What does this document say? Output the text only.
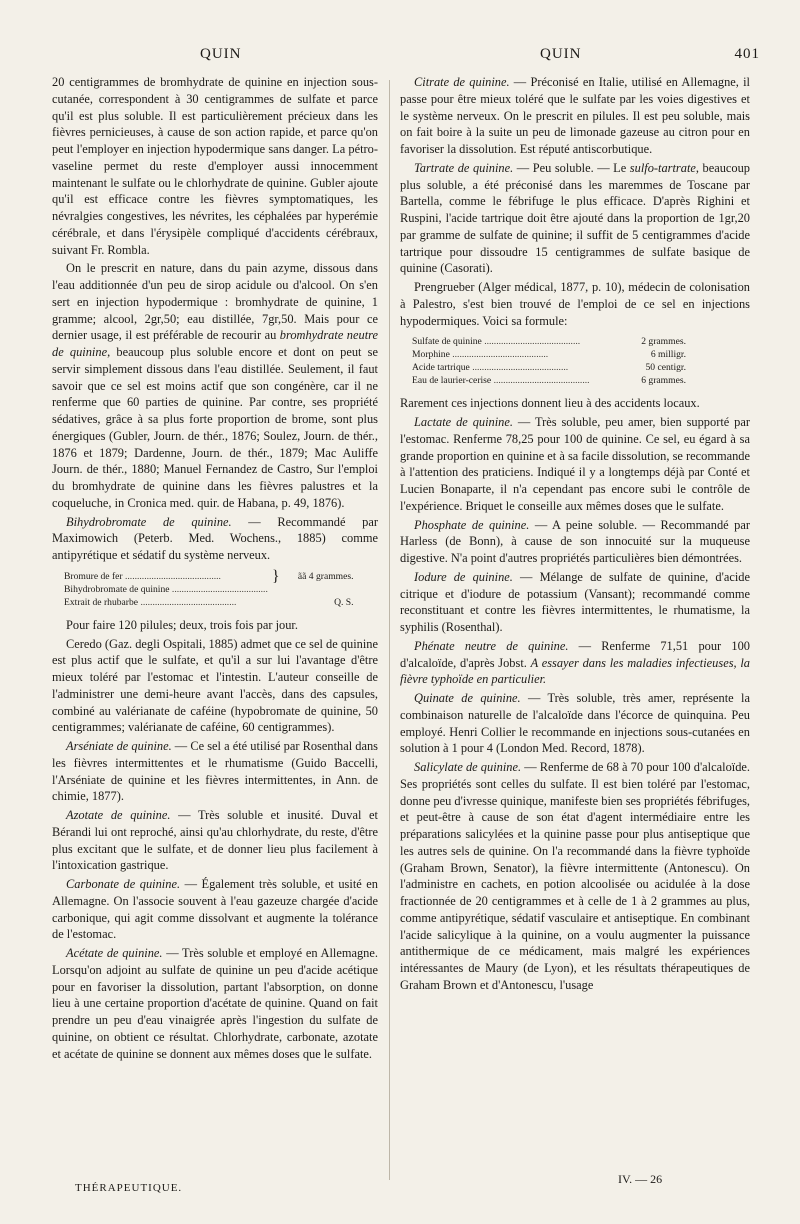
QUIN	QUIN	401

20 centigrammes de bromhydrate de quinine en injection sous-cutanée, correspondent à 30 centigrammes de sulfate et parce qu'il est plus soluble. Il est particulièrement précieux dans les fièvres pernicieuses, à cause de son action rapide, et parce qu'on peut l'employer en injection hypodermique sans danger. La pétro-vaseline permet du reste d'employer aussi innocemment maintenant le sulfate ou le chlorhydrate de quinine. Gubler ajoute qu'il est efficace contre les fièvres symptomatiques, les névralgies congestives, les névrites, les céphalées par hyperémie cérébrale, et dans l'érysipèle compliqué d'accidents cérébraux, suivant Fr. Rombla.

On le prescrit en nature, dans du pain azyme, dissous dans l'eau additionnée d'un peu de sirop acidule ou d'alcool. On s'en sert en injection hypodermique : bromhydrate de quinine, 1 gramme; alcool, 2gr,50; eau distillée, 7gr,50. Mais pour ce dernier usage, il est préférable de recourir au bromhydrate neutre de quinine, beaucoup plus soluble encore et dont on peut se servir simplement dissous dans l'eau distillée. Seulement, il faut savoir que ce sel est moins actif que son congénère, car il ne renferme que 60 parties de quinine. Par contre, ses propriété sédatives, grâce à sa plus forte proportion de brome, sont plus énergiques (Gubler, Journ. de thér., 1876; Soulez, Journ. de thér., 1876 et 1879; Dardenne, Journ. de thér., 1879; Mac Auliffe Journ. de thér., 1880; Manuel Fernandez de Castro, Sur l'emploi du bromhydrate de quinine dans les fièvres palustres et la coqueluche, in Cronica med. quir. de Habana, p. 49, 1876).

Bihydrobromate de quinine. — Recommandé par Maximowich (Peterb. Med. Wochens., 1885) comme antipyrétique et sédatif du système nerveux.

Bromure de fer .....	}	ãã 4 grammes.
Bihydrobromate de quinine .....
Extrait de rhubarbe .....		Q. S.

Pour faire 120 pilules; deux, trois fois par jour.

Ceredo (Gaz. degli Ospitali, 1885) admet que ce sel de quinine est plus actif que le sulfate, et qu'il a sur lui l'avantage d'être mieux toléré par l'estomac et l'intestin. L'auteur conseille de l'administrer une demi-heure avant l'accès, dans des capsules, combiné au valérianate de caféine (hypobromate de quinine, 50 centigrammes; valérianate de caféine, 60 centigrammes).

Arséniate de quinine. — Ce sel a été utilisé par Rosenthal dans les fièvres intermittentes et le rhumatisme (Guido Baccelli, l'Arséniate de quinine et les fièvres intermittentes, in Ann. de chimie, 1877).

Azotate de quinine. — Très soluble et inusité. Duval et Bérandi lui ont reproché, ainsi qu'au chlorhydrate, du reste, d'être plus excitant que le sulfate, et de donner lieu plus facilement à l'intoxication gastrique.

Carbonate de quinine. — Également très soluble, et usité en Allemagne. On l'associe souvent à l'eau gazeuze chargée d'acide carbonique, qui agit comme dissolvant et augmente la tolérance de l'estomac.

Acétate de quinine. — Très soluble et employé en Allemagne. Lorsqu'on adjoint au sulfate de quinine un peu d'acide acétique pour en favoriser la dissolution, partant l'absorption, on donne lieu à une certaine proportion d'acétate de quinine. Quand on fait prendre un peu d'eau vinaigrée après l'ingestion du sulfate de quinine, on obtient ce résultat. Chlorhydrate, carbonate, azotate et acétate de quinine se donnent aux mêmes doses que le sulfate.

Citrate de quinine. — Préconisé en Italie, utilisé en Allemagne, il passe pour être mieux toléré que le sulfate par les voies digestives et le système nerveux. On le prescrit en pilules. Il est peu soluble, mais on fait boire à la suite un peu de limonade gazeuse au citron pour en favoriser la dissolution. Est réputé antiscorbutique.

Tartrate de quinine. — Peu soluble. — Le sulfo-tartrate, beaucoup plus soluble, a été préconisé dans les maremmes de Toscane par Bartella, comme le fébrifuge le plus efficace. D'après Righini et Ruspini, l'acide tartrique doit être ajouté dans la proportion de 1gr,20 par gramme de sulfate de quinine; il suffit de 5 centigrammes d'acide tartrique pour dissoudre 15 centigrammes de sulfate basique de quinine (Casorati).

Prengrueber (Alger médical, 1877, p. 10), médecin de colonisation à Palestro, s'est bien trouvé de l'emploi de ce sel en injections hypodermiques. Voici sa formule:

Sulfate de quinine .....	2 grammes.
Morphine .....	6 milligr.
Acide tartrique .....	50 centigr.
Eau de laurier-cerise .....	6 grammes.

Rarement ces injections donnent lieu à des accidents locaux.

Lactate de quinine. — Très soluble, peu amer, bien supporté par l'estomac. Renferme 78,25 pour 100 de quinine. Ce sel, eu égard à sa grande proportion en quinine et à sa facile dissolution, se recommande à l'attention des praticiens. Indiqué il y a longtemps déjà par Conté et Lucien Bonaparte, il n'a cependant pas encore subi le contrôle de l'expérience. Briquet le conseille aux mêmes doses que le sulfate.

Phosphate de quinine. — A peine soluble. — Recommandé par Harless (de Bonn), à cause de son innocuité sur la muqueuse digestive. N'a point d'autres propriétés particulières bien démontrées.

Iodure de quinine. — Mélange de sulfate de quinine, d'acide citrique et d'iodure de potassium (Vansant); recommandé comme reconstituant et contre les fièvres intermittentes, le rhumatisme, la syphilis (Rosenthal).

Phénate neutre de quinine. — Renferme 71,51 pour 100 d'alcaloïde, d'après Jobst. A essayer dans les maladies infectieuses, la fièvre typhoïde en particulier.

Quinate de quinine. — Très soluble, très amer, représente la combinaison naturelle de l'alcaloïde dans l'écorce de quinquina. Peu employé. Henri Collier le recommande en injections sous-cutanées en solution à 1 pour 4 (London Med. Record, 1878).

Salicylate de quinine. — Renferme de 68 à 70 pour 100 d'alcaloïde. Ses propriétés sont celles du sulfate. Il est bien toléré par l'estomac, donne peu d'ivresse quinique, manifeste bien ses propriétés fébrifuges, et peut-être à cause de son état d'agent intermédiaire entre les préparations salicylées et la quinine passe pour plus antiseptique que les autres sels de quinine. On l'a recommandé dans la fièvre typhoïde (Graham Brown, Senator), la fièvre intermittente (Antonescu). On l'administre en cachets, en potion alcoolisée ou acidulée à la dose fractionnée de 20 centigrammes et à celle de 1 à 2 grammes au plus, comme antipyrétique, sédatif vasculaire et antiseptique. En combinant l'acide salicylique à la quinine, on a voulu augmenter la puissance antithermique de ce médicament, mais malgré les expériences intéressantes de Maury (de Lyon), et les résultats thérapeutiques de Graham Brown et d'Antonescu, l'usage

THÉRAPEUTIQUE.
IV. — 26
